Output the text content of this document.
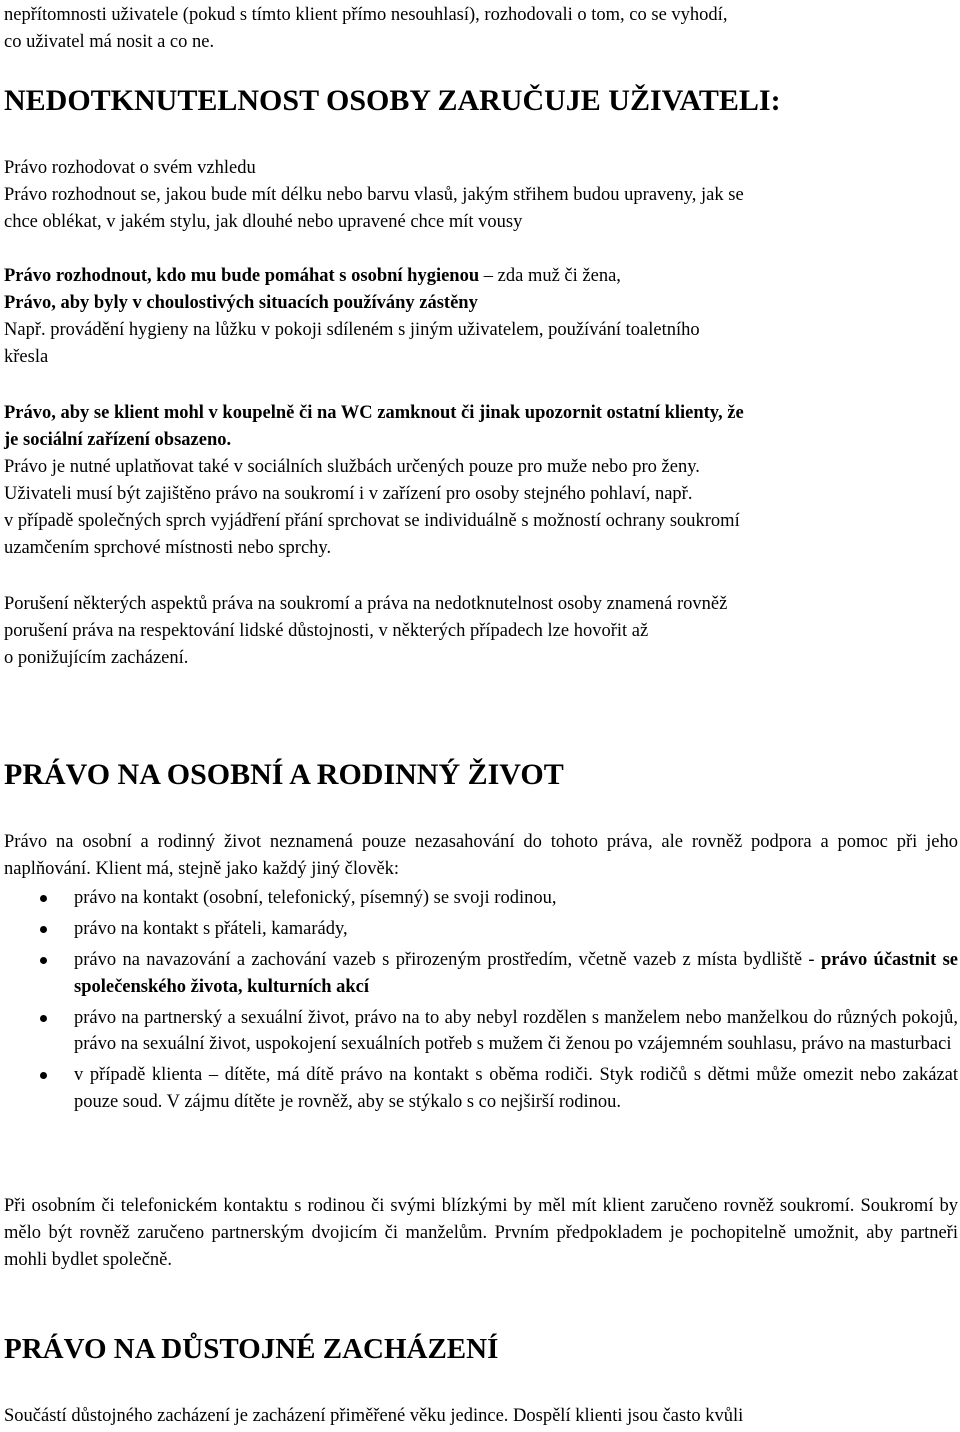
nepřítomnosti uživatele (pokud s tímto klient přímo nesouhlasí), rozhodovali o tom, co se vyhodí,
co uživatel má nosit a co ne.

NEDOTKNUTELNOST OSOBY ZARUČUJE UŽIVATELI:

Právo rozhodovat o svém vzhledu
Právo rozhodnout se, jakou bude mít délku nebo barvu vlasů, jakým střihem budou upraveny, jak se
chce oblékat, v jakém stylu, jak dlouhé nebo upravené chce mít vousy

Právo rozhodnout, kdo mu bude pomáhat s osobní hygienou – zda muž či žena,
Právo, aby byly v choulostivých situacích používány zástěny
Např. provádění hygieny na lůžku v pokoji sdíleném s jiným uživatelem, používání toaletního
křesla

Právo, aby se klient mohl v koupelně či na WC zamknout či jinak upozornit ostatní klienty, že
je sociální zařízení obsazeno.
Právo je nutné uplatňovat také v sociálních službách určených pouze pro muže nebo pro ženy.
Uživateli musí být zajištěno právo na soukromí i v zařízení pro osoby stejného pohlaví, např.
v případě společných sprch vyjádření přání sprchovat se individuálně s možností ochrany soukromí
uzamčením sprchové místnosti nebo sprchy.

Porušení některých aspektů práva na soukromí a práva na nedotknutelnost osoby znamená rovněž
porušení práva na respektování lidské důstojnosti, v některých případech lze hovořit až
o ponižujícím zacházení.

PRÁVO NA OSOBNÍ A RODINNÝ ŽIVOT

Právo na osobní a rodinný život neznamená pouze nezasahování do tohoto práva, ale rovněž podpora a pomoc při jeho naplňování. Klient má, stejně jako každý jiný člověk:

právo na kontakt (osobní, telefonický, písemný) se svoji rodinou,
právo na kontakt s přáteli, kamarády,
právo na navazování a zachování vazeb s přirozeným prostředím, včetně vazeb z místa bydliště - právo účastnit se společenského života, kulturních akcí
právo na partnerský a sexuální život, právo na to aby nebyl rozdělen s manželem nebo manželkou do různých pokojů, právo na sexuální život, uspokojení sexuálních potřeb s mužem či ženou po vzájemném souhlasu, právo na masturbaci
v případě klienta – dítěte, má dítě právo na kontakt s oběma rodiči. Styk rodičů s dětmi může omezit nebo zakázat pouze soud. V zájmu dítěte je rovněž, aby se stýkalo s co nejširší rodinou.

Při osobním či telefonickém kontaktu s rodinou či svými blízkými by měl mít klient zaručeno rovněž soukromí. Soukromí by mělo být rovněž zaručeno partnerským dvojicím či manželům. Prvním předpokladem je pochopitelně umožnit, aby partneři mohli bydlet společně.

PRÁVO NA DŮSTOJNÉ ZACHÁZENÍ

Součástí důstojného zacházení je zacházení přiměřené věku jedince. Dospělí klienti jsou často kvůli
